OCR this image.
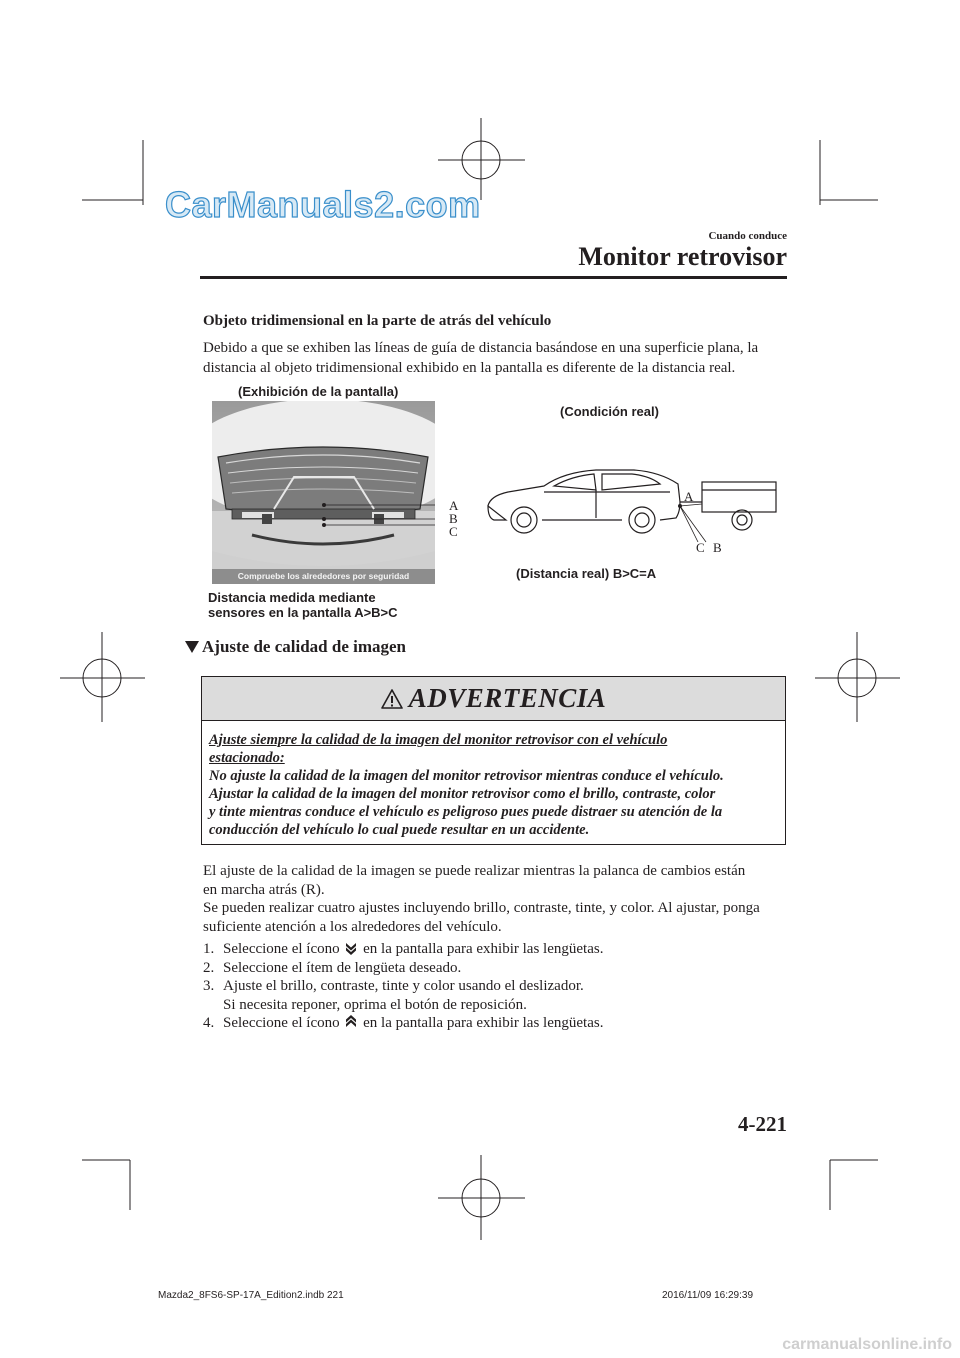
CarManuals2.com
Cuando conduce
Monitor retrovisor
Objeto tridimensional en la parte de atrás del vehículo
Debido a que se exhiben las líneas de guía de distancia basándose en una superficie plana, la
distancia al objeto tridimensional exhibido en la pantalla es diferente de la distancia real.
(Exhibición de la pantalla)
Compruebe los alrededores por seguridad
A
B
C
Distancia medida mediante
sensores en la pantalla A>B>C
(Condición real)
A
C B
(Distancia real) B>C=A
Ajuste de calidad de imagen
ADVERTENCIA
Ajuste siempre la calidad de la imagen del monitor retrovisor con el vehículo
estacionado:
No ajuste la calidad de la imagen del monitor retrovisor mientras conduce el vehículo.
Ajustar la calidad de la imagen del monitor retrovisor como el brillo, contraste, color
y tinte mientras conduce el vehículo es peligroso pues puede distraer su atención de la
conducción del vehículo lo cual puede resultar en un accidente.
El ajuste de la calidad de la imagen se puede realizar mientras la palanca de cambios están
en marcha atrás (R).
Se pueden realizar cuatro ajustes incluyendo brillo, contraste, tinte, y color. Al ajustar, ponga
suficiente atención a los alrededores del vehículo.
1. Seleccione el ícono en la pantalla para exhibir las lengüetas.
2. Seleccione el ítem de lengüeta deseado.
3. Ajuste el brillo, contraste, tinte y color usando el deslizador.
Si necesita reponer, oprima el botón de reposición.
4. Seleccione el ícono en la pantalla para exhibir las lengüetas.
4-221
Mazda2_8FS6-SP-17A_Edition2.indb 221	2016/11/09 16:29:39
carmanualsonline.info
